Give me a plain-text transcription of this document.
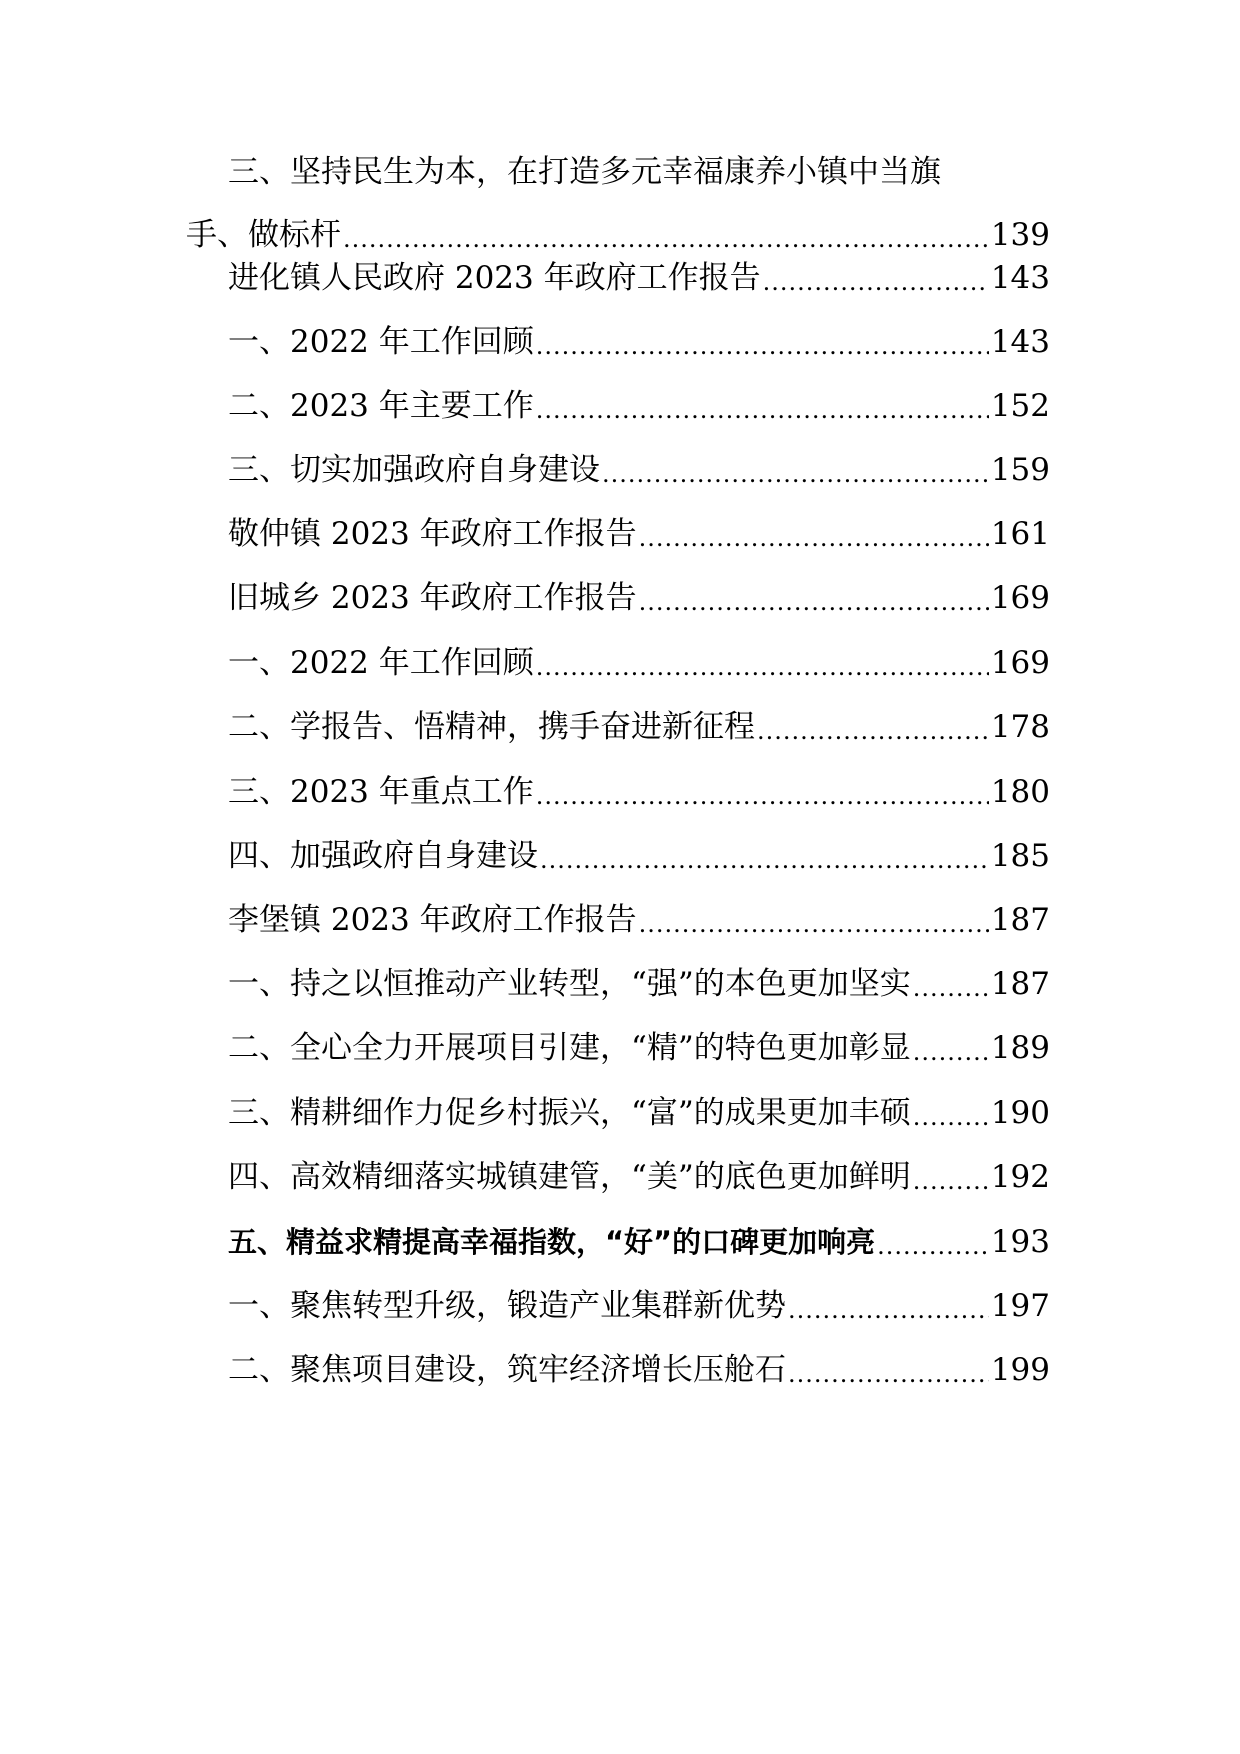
三、坚持民生为本，在打造多元幸福康养小镇中当旗
手、做标杆 .....	139
进化镇人民政府 2023 年政府工作报告 .....	143
一、2022 年工作回顾 .....	143
二、2023 年主要工作 .....	152
三、切实加强政府自身建设 .....	159
敬仲镇 2023 年政府工作报告 .....	161
旧城乡 2023 年政府工作报告 .....	169
一、2022 年工作回顾 .....	169
二、学报告、悟精神，携手奋进新征程 .....	178
三、2023 年重点工作 .....	180
四、加强政府自身建设 .....	185
李堡镇 2023 年政府工作报告 .....	187
一、持之以恒推动产业转型，“强”的本色更加坚实 .....	187
二、全心全力开展项目引建，“精”的特色更加彰显 .....	189
三、精耕细作力促乡村振兴，“富”的成果更加丰硕 .....	190
四、高效精细落实城镇建管，“美”的底色更加鲜明 .....	192
五、精益求精提高幸福指数，“好”的口碑更加响亮 .....	193
一、聚焦转型升级，锻造产业集群新优势 .....	197
二、聚焦项目建设，筑牢经济增长压舱石 .....	199
